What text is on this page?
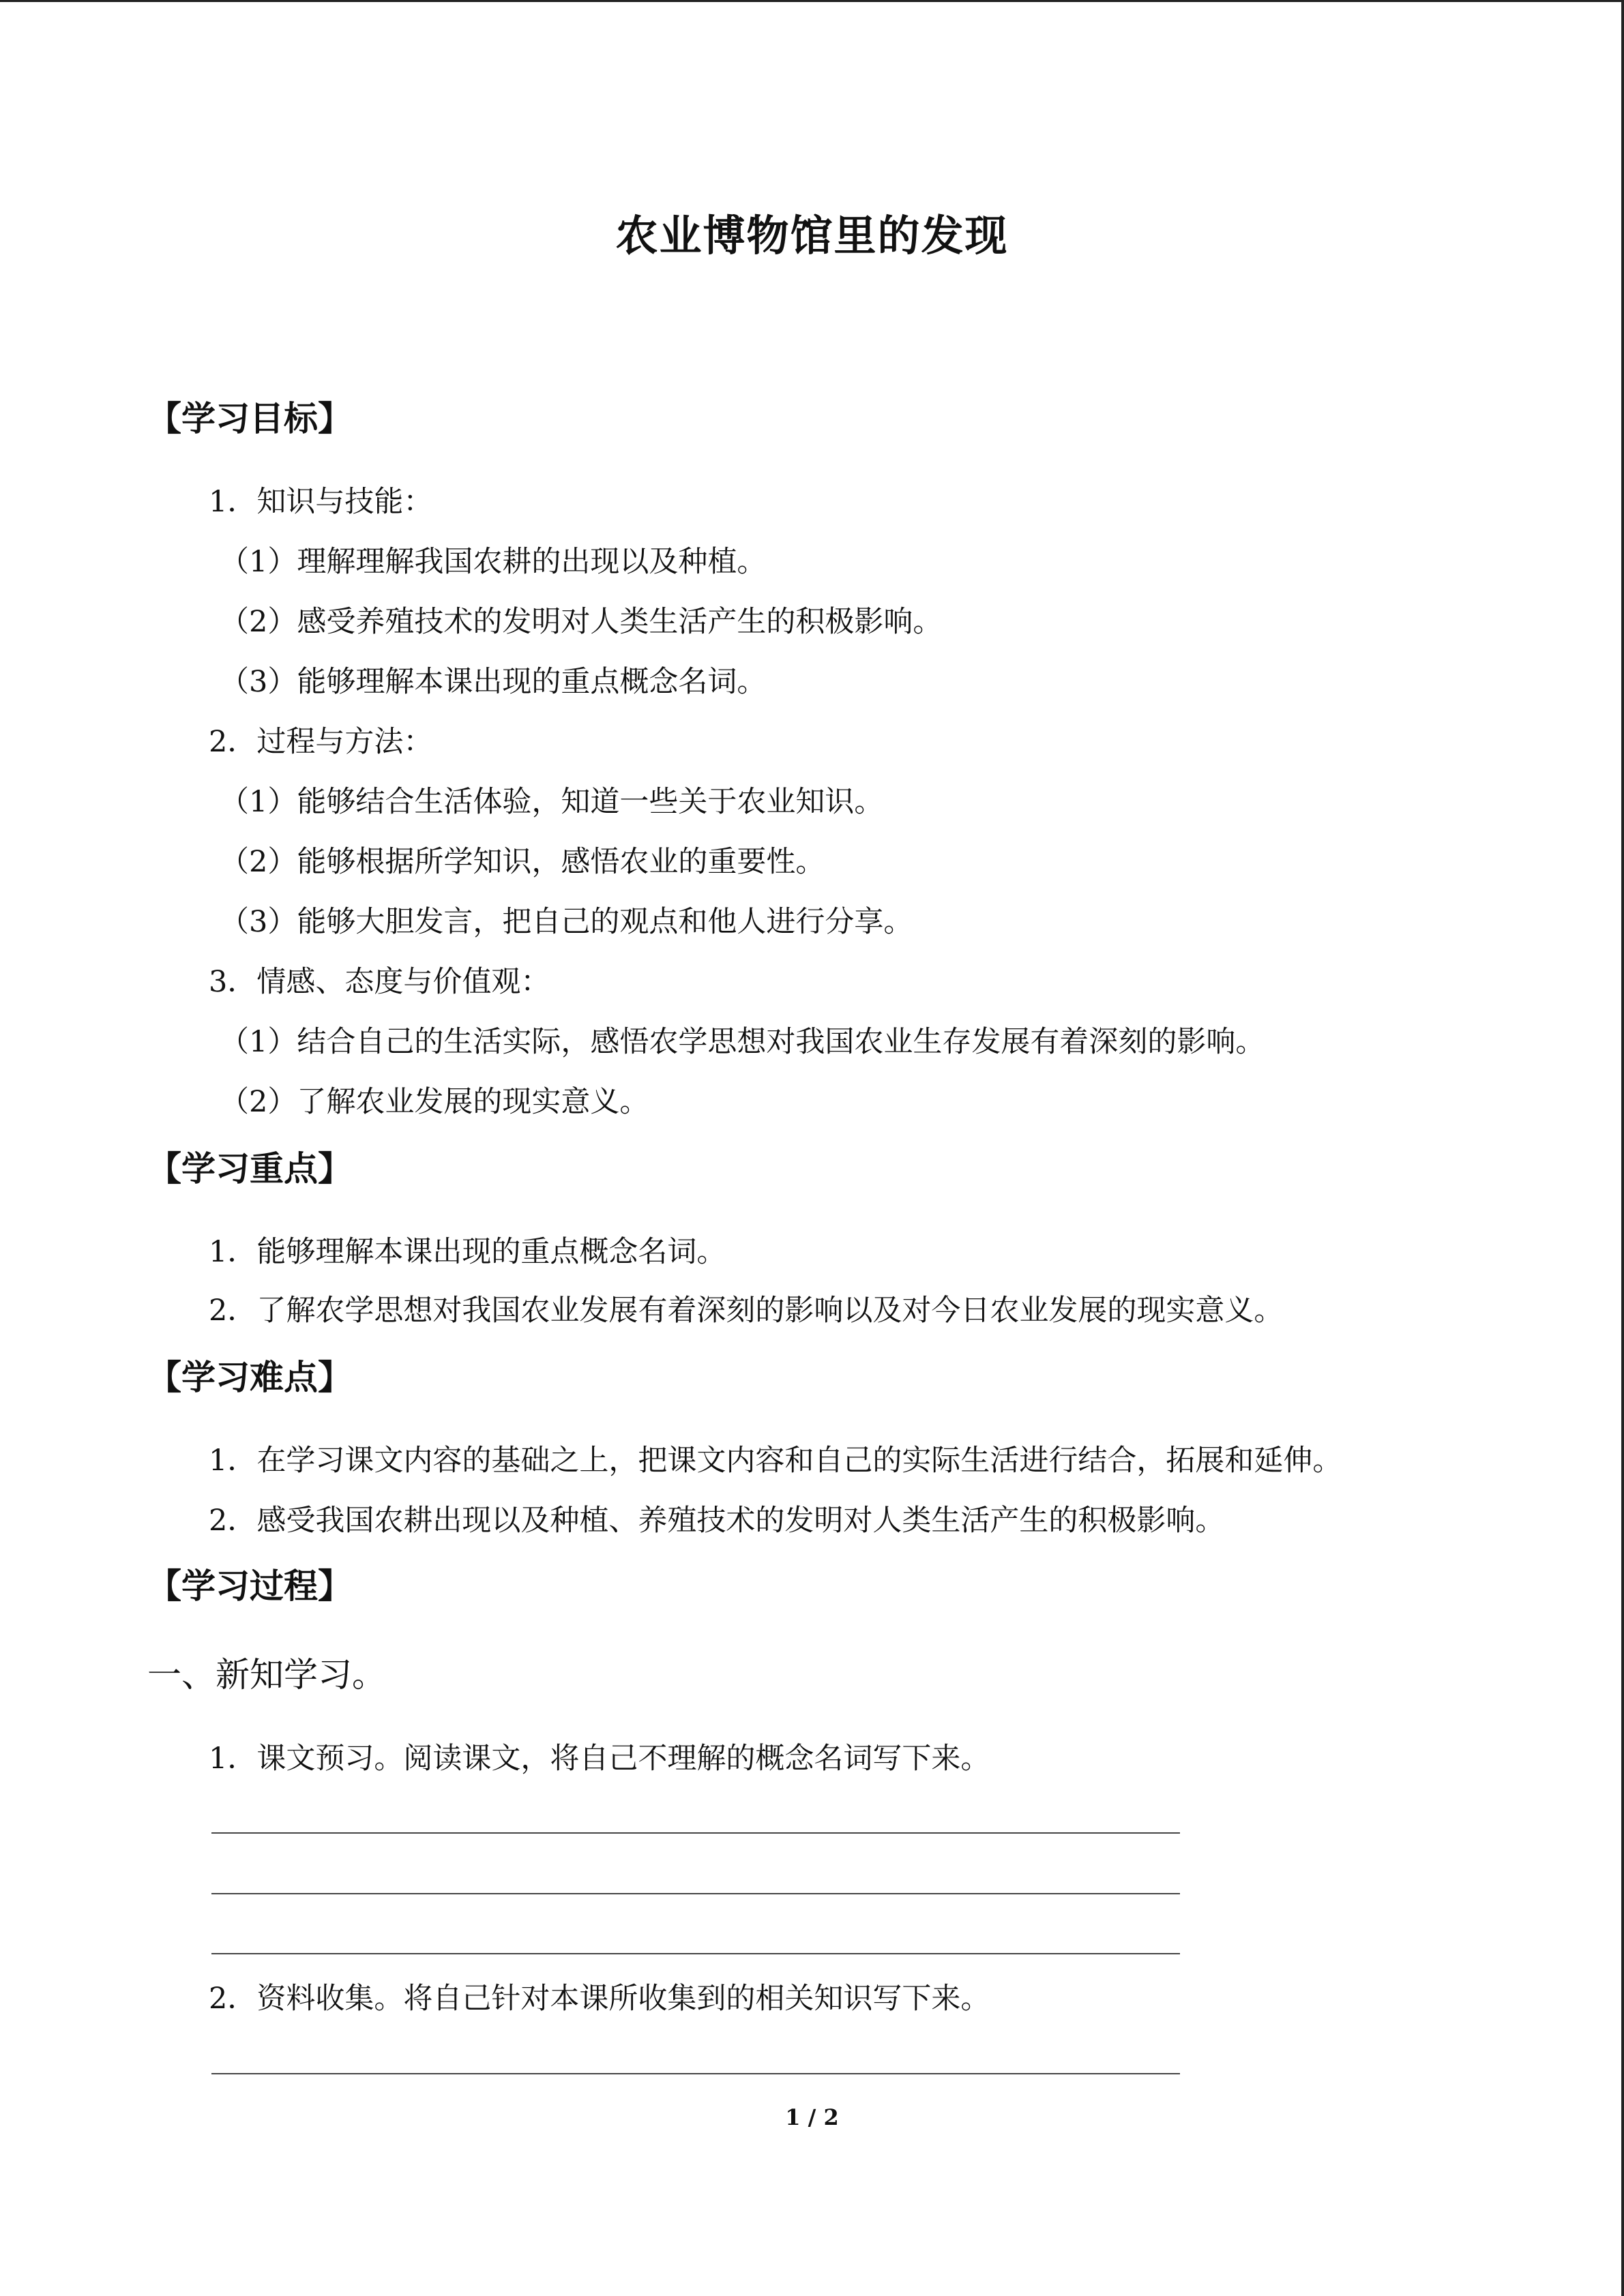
农业博物馆里的发现
【学习目标】
1．知识与技能：
（1）理解理解我国农耕的出现以及种植。
（2）感受养殖技术的发明对人类生活产生的积极影响。
（3）能够理解本课出现的重点概念名词。
2．过程与方法：
（1）能够结合生活体验，知道一些关于农业知识。
（2）能够根据所学知识，感悟农业的重要性。
（3）能够大胆发言，把自己的观点和他人进行分享。
3．情感、态度与价值观：
（1）结合自己的生活实际，感悟农学思想对我国农业生存发展有着深刻的影响。
（2）了解农业发展的现实意义。
【学习重点】
1．能够理解本课出现的重点概念名词。
2．了解农学思想对我国农业发展有着深刻的影响以及对今日农业发展的现实意义。
【学习难点】
1．在学习课文内容的基础之上，把课文内容和自己的实际生活进行结合，拓展和延伸。
2．感受我国农耕出现以及种植、养殖技术的发明对人类生活产生的积极影响。
【学习过程】
一、新知学习。
1．课文预习。阅读课文，将自己不理解的概念名词写下来。
2．资料收集。将自己针对本课所收集到的相关知识写下来。
1 / 2
